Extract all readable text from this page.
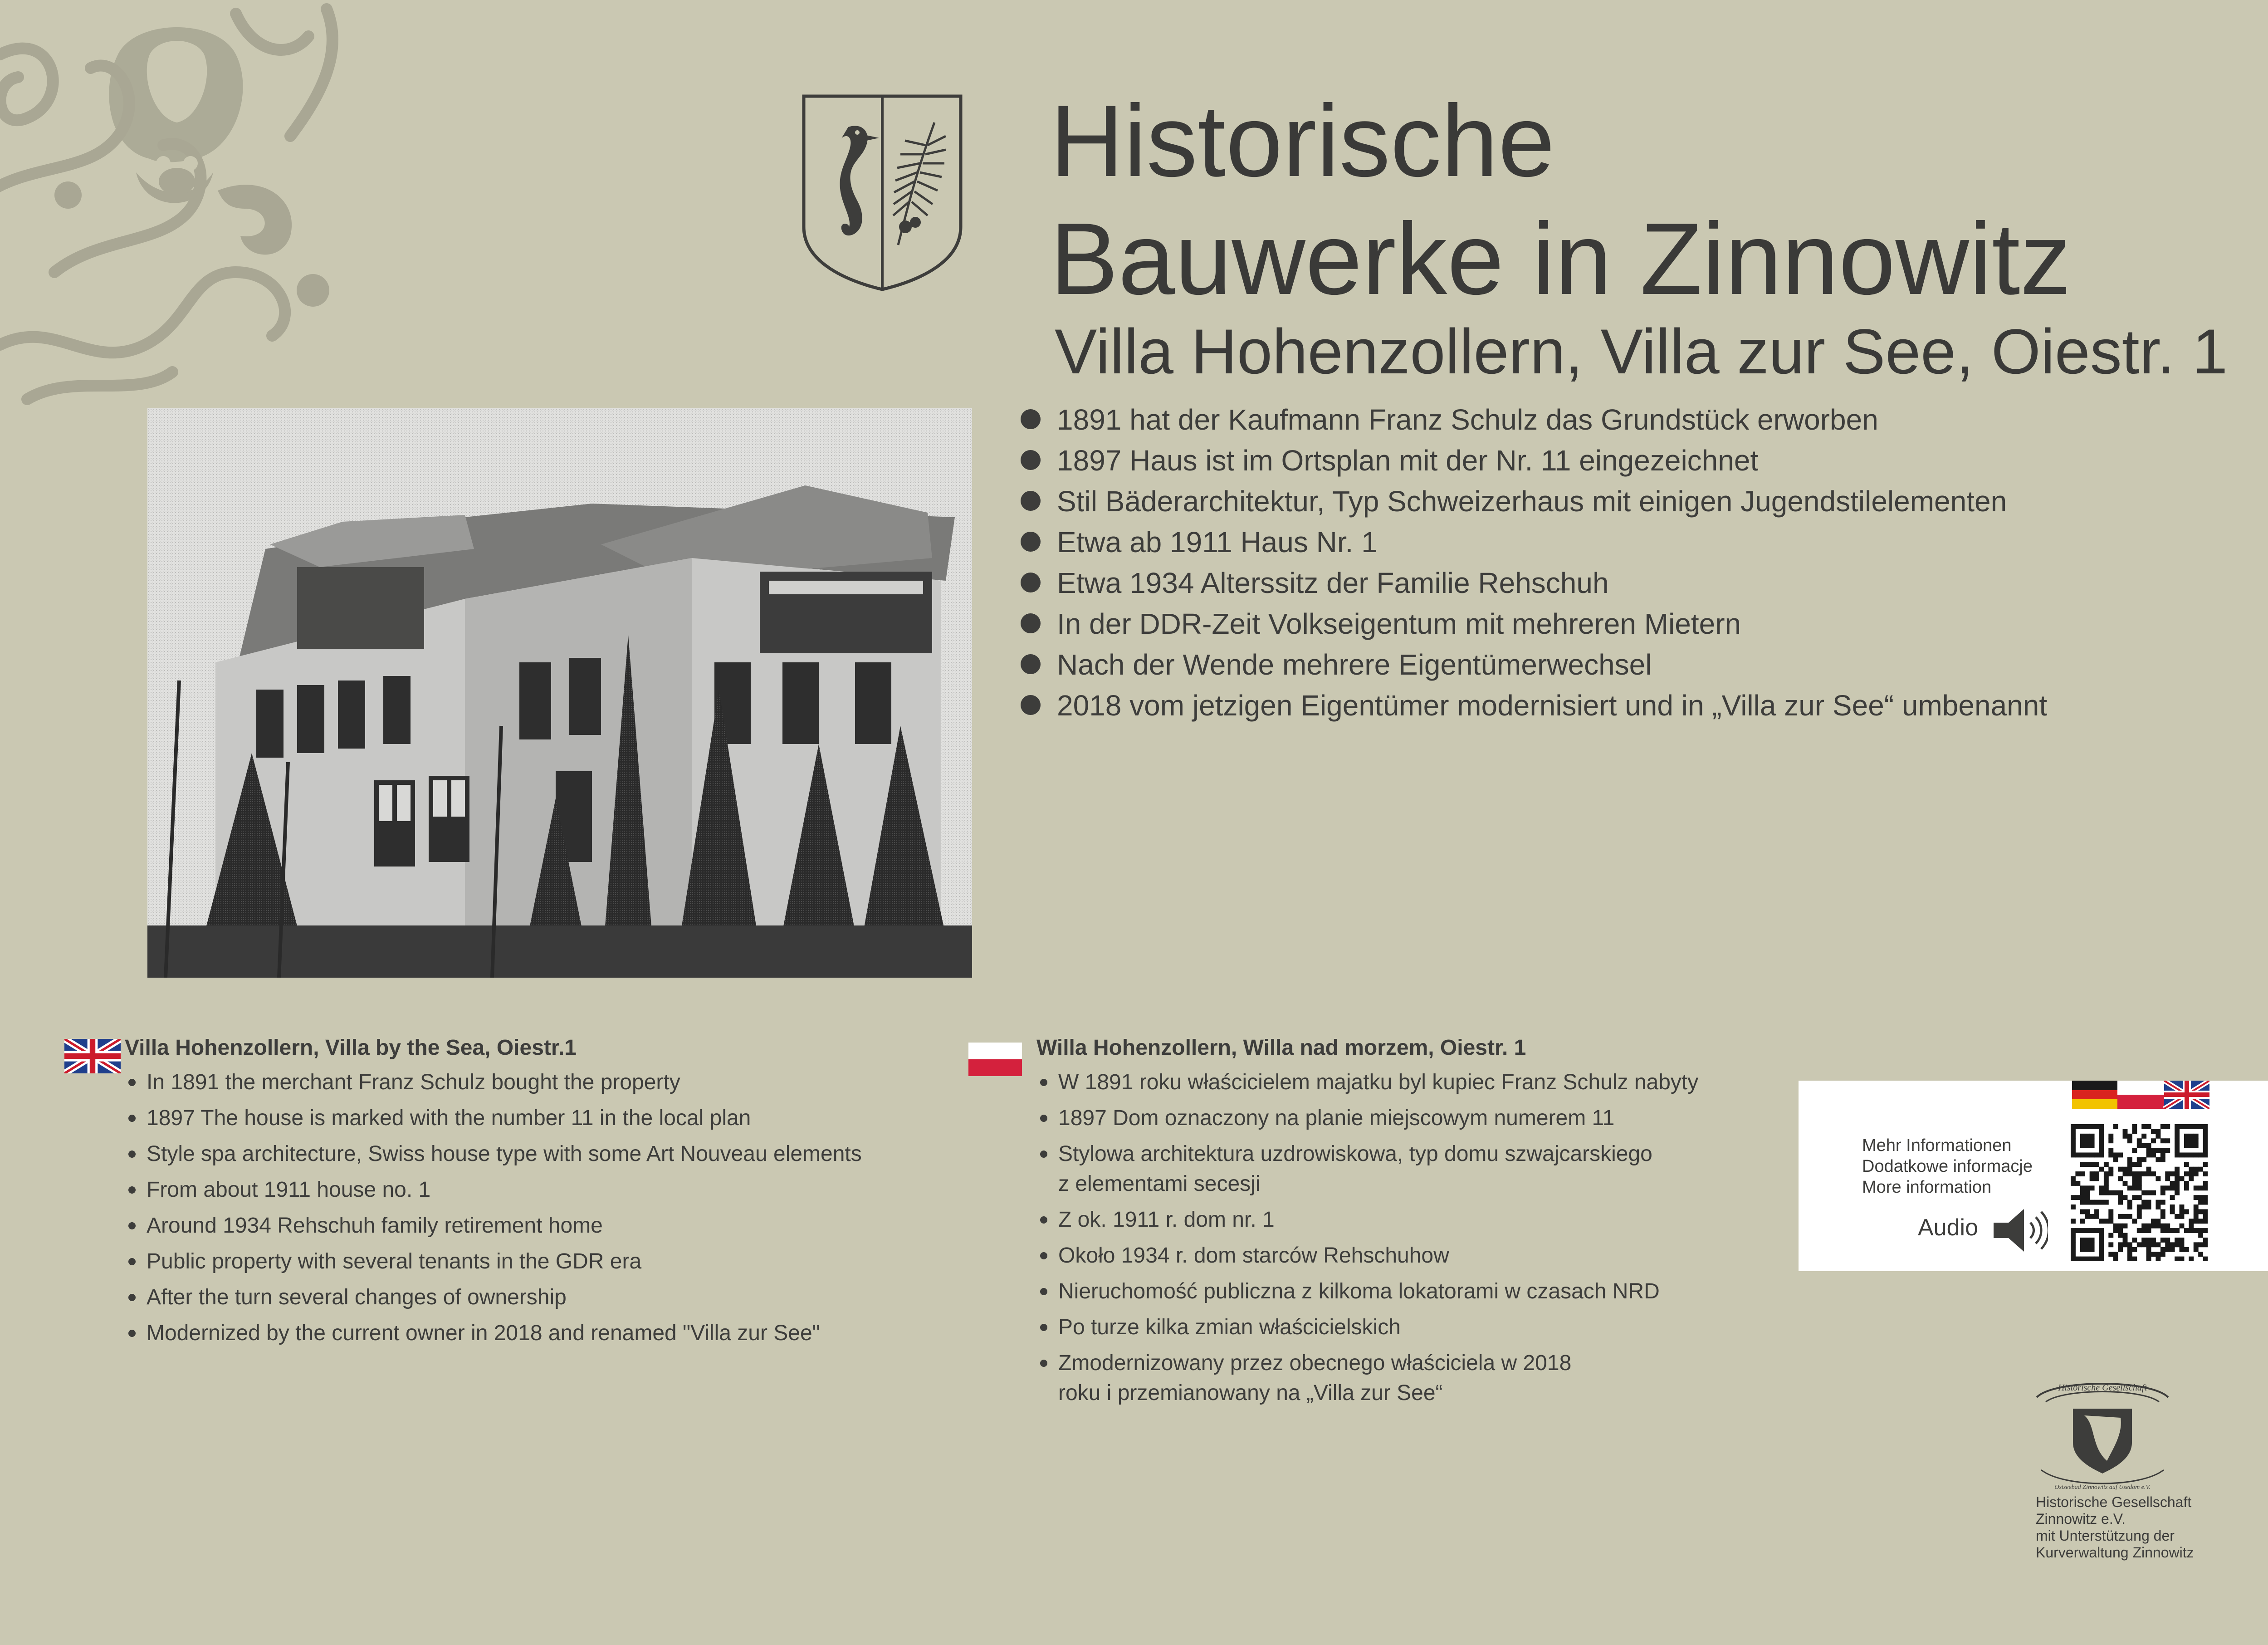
Historische
Bauwerke in Zinnowitz
Villa Hohenzollern, Villa zur See, Oiestr. 1
1891 hat der Kaufmann Franz Schulz das Grundstück erworben
1897 Haus ist im Ortsplan mit der Nr. 11 eingezeichnet
Stil Bäderarchitektur, Typ Schweizerhaus mit einigen Jugendstilelementen
Etwa ab 1911 Haus Nr. 1
Etwa 1934 Alterssitz der Familie Rehschuh
In der DDR-Zeit Volkseigentum mit mehreren Mietern
Nach der Wende mehrere Eigentümerwechsel
2018 vom jetzigen Eigentümer modernisiert und in „Villa zur See“ umbenannt

Villa Hohenzollern, Villa by the Sea, Oiestr.1

In 1891 the merchant Franz Schulz bought the property
1897 The house is marked with the number 11 in the local plan
Style spa architecture, Swiss house type with some Art Nouveau elements
From about 1911 house no. 1
Around 1934 Rehschuh family retirement home
Public property with several tenants in the GDR era
After the turn several changes of ownership
Modernized by the current owner in 2018 and renamed "Villa zur See"

Willa Hohenzollern, Willa nad morzem, Oiestr. 1

W 1891 roku właścicielem majatku byl kupiec Franz Schulz nabyty
1897 Dom oznaczony na planie miejscowym numerem 11
Stylowa architektura uzdrowiskowa, typ domu szwajcarskiego
z elementami secesji
Z ok. 1911 r. dom nr. 1
Około 1934 r. dom starców Rehschuhow
Nieruchomość publiczna z kilkoma lokatorami w czasach NRD
Po turze kilka zmian właścicielskich
Zmodernizowany przez obecnego właściciela w 2018
roku i przemianowany na „Villa zur See“
Mehr Informationen
Dodatkowe informacje
More information
Audio
Historische Gesellschaft
Ostseebad Zinnowitz auf Usedom e.V.
Historische Gesellschaft
Zinnowitz e.V.
mit Unterstützung der
Kurverwaltung Zinnowitz
